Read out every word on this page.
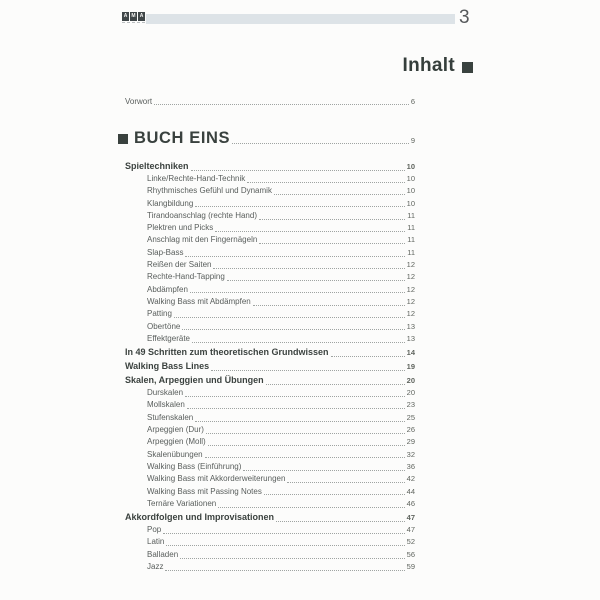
A M A	3
Inhalt
Vorwort	6
BUCH EINS	9
Spieltechniken	10
Linke/Rechte-Hand-Technik	10
Rhythmisches Gefühl und Dynamik	10
Klangbildung	10
Tirandoanschlag (rechte Hand)	11
Plektren und Picks	11
Anschlag mit den Fingernägeln	11
Slap-Bass	11
Reißen der Saiten	12
Rechte-Hand-Tapping	12
Abdämpfen	12
Walking Bass mit Abdämpfen	12
Patting	12
Obertöne	13
Effektgeräte	13
In 49 Schritten zum theoretischen Grundwissen	14
Walking Bass Lines	19
Skalen, Arpeggien und Übungen	20
Durskalen	20
Mollskalen	23
Stufenskalen	25
Arpeggien (Dur)	26
Arpeggien (Moll)	29
Skalenübungen	32
Walking Bass (Einführung)	36
Walking Bass mit Akkorderweiterungen	42
Walking Bass mit Passing Notes	44
Ternäre Variationen	46
Akkordfolgen und Improvisationen	47
Pop	47
Latin	52
Balladen	56
Jazz	59
